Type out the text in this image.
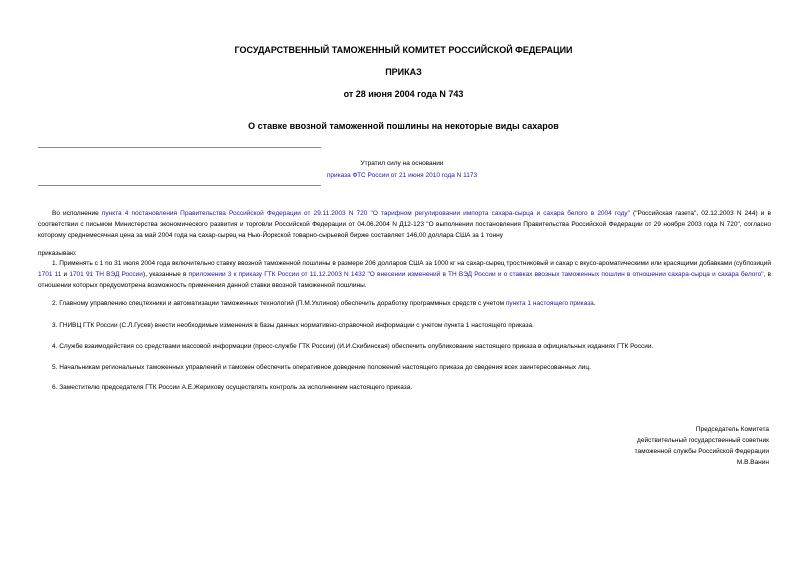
ГОСУДАРСТВЕННЫЙ ТАМОЖЕННЫЙ КОМИТЕТ РОССИЙСКОЙ ФЕДЕРАЦИИ
ПРИКАЗ
от 28 июня 2004 года N 743
О ставке ввозной таможенной пошлины на некоторые виды сахаров
Утратил силу на основании
приказа ФТС России от 21 июня 2010 года N 1173
Во исполнение пункта 4 постановления Правительства Российской Федерации от 29.11.2003 N 720 "О тарифном регулировании импорта сахара-сырца и сахара белого в 2004 году" ("Российская газета", 02.12.2003 N 244) и в соответствии с письмом Министерства экономического развития и торговли Российской Федерации от 04.06.2004 N Д12-123 "О выполнении постановления Правительства Российской Федерации от 29 ноября 2003 года N 720", согласно которому среднемесячная цена за май 2004 года на сахар-сырец на Нью-Йоркской товарно-сырьевой бирже составляет 146,00 доллара США за 1 тонну
приказываю:
1. Применять с 1 по 31 июля 2004 года включительно ставку ввозной таможенной пошлины в размере 206 долларов США за 1000 кг на сахар-сырец тростниковый и сахар с вкусо-ароматическими или красящими добавками (субпозиций 1701 11 и 1701 91 ТН ВЭД России), указанные в приложении 3 к приказу ГТК России от 11.12.2003 N 1432 "О внесении изменений в ТН ВЭД России и о ставках ввозных таможенных пошлин в отношении сахара-сырца и сахара белого", в отношении которых предусмотрена возможность применения данной ставки ввозной таможенной пошлины.
2. Главному управлению спецтехники и автоматизации таможенных технологий (П.М.Ухлинов) обеспечить доработку программных средств с учетом пункта 1 настоящего приказа.
3. ГНИВЦ ГТК России (С.Л.Гусев) внести необходимые изменения в базы данных нормативно-справочной информации с учетом пункта 1 настоящего приказа.
4. Службе взаимодействия со средствами массовой информации (пресс-службе ГТК России) (И.И.Скибинская) обеспечить опубликование настоящего приказа в официальных изданиях ГТК России.
5. Начальникам региональных таможенных управлений и таможен обеспечить оперативное доведение положений настоящего приказа до сведения всех заинтересованных лиц.
6. Заместителю председателя ГТК России А.Е.Жерихову осуществлять контроль за исполнением настоящего приказа.
Председатель Комитета
действительный государственный советник
таможенной службы Российской Федерации
М.В.Ванин
